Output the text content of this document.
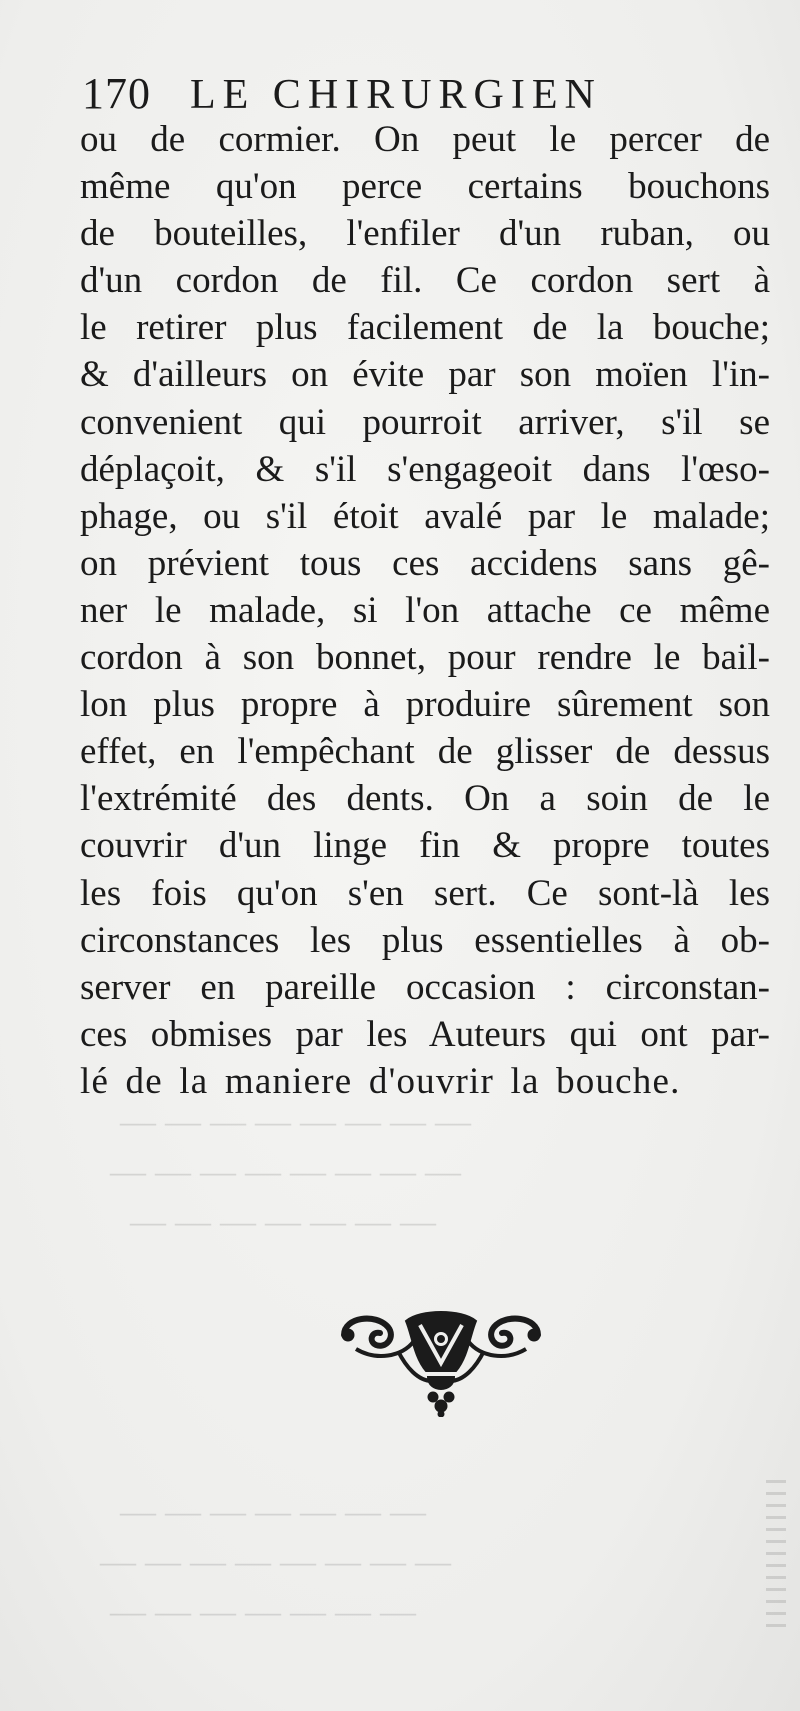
— — — — — — — —
— — — — — — — —
— — — — — — —
— — — — — — —
— — — — — — — —
— — — — — — —
170 LE CHIRURGIEN
ou de cormier. On peut le percer de
même qu'on perce certains bouchons
de bouteilles, l'enfiler d'un ruban, ou
d'un cordon de fil. Ce cordon sert à
le retirer plus facilement de la bouche;
& d'ailleurs on évite par son moïen l'in-
convenient qui pourroit arriver, s'il se
déplaçoit, & s'il s'engageoit dans l'œso-
phage, ou s'il étoit avalé par le malade;
on prévient tous ces accidens sans gê-
ner le malade, si l'on attache ce même
cordon à son bonnet, pour rendre le bail-
lon plus propre à produire sûrement son
effet, en l'empêchant de glisser de dessus
l'extrémité des dents. On a soin de le
couvrir d'un linge fin & propre toutes
les fois qu'on s'en sert. Ce sont-là les
circonstances les plus essentielles à ob-
server en pareille occasion : circonstan-
ces obmises par les Auteurs qui ont par-
lé de la maniere d'ouvrir la bouche.
